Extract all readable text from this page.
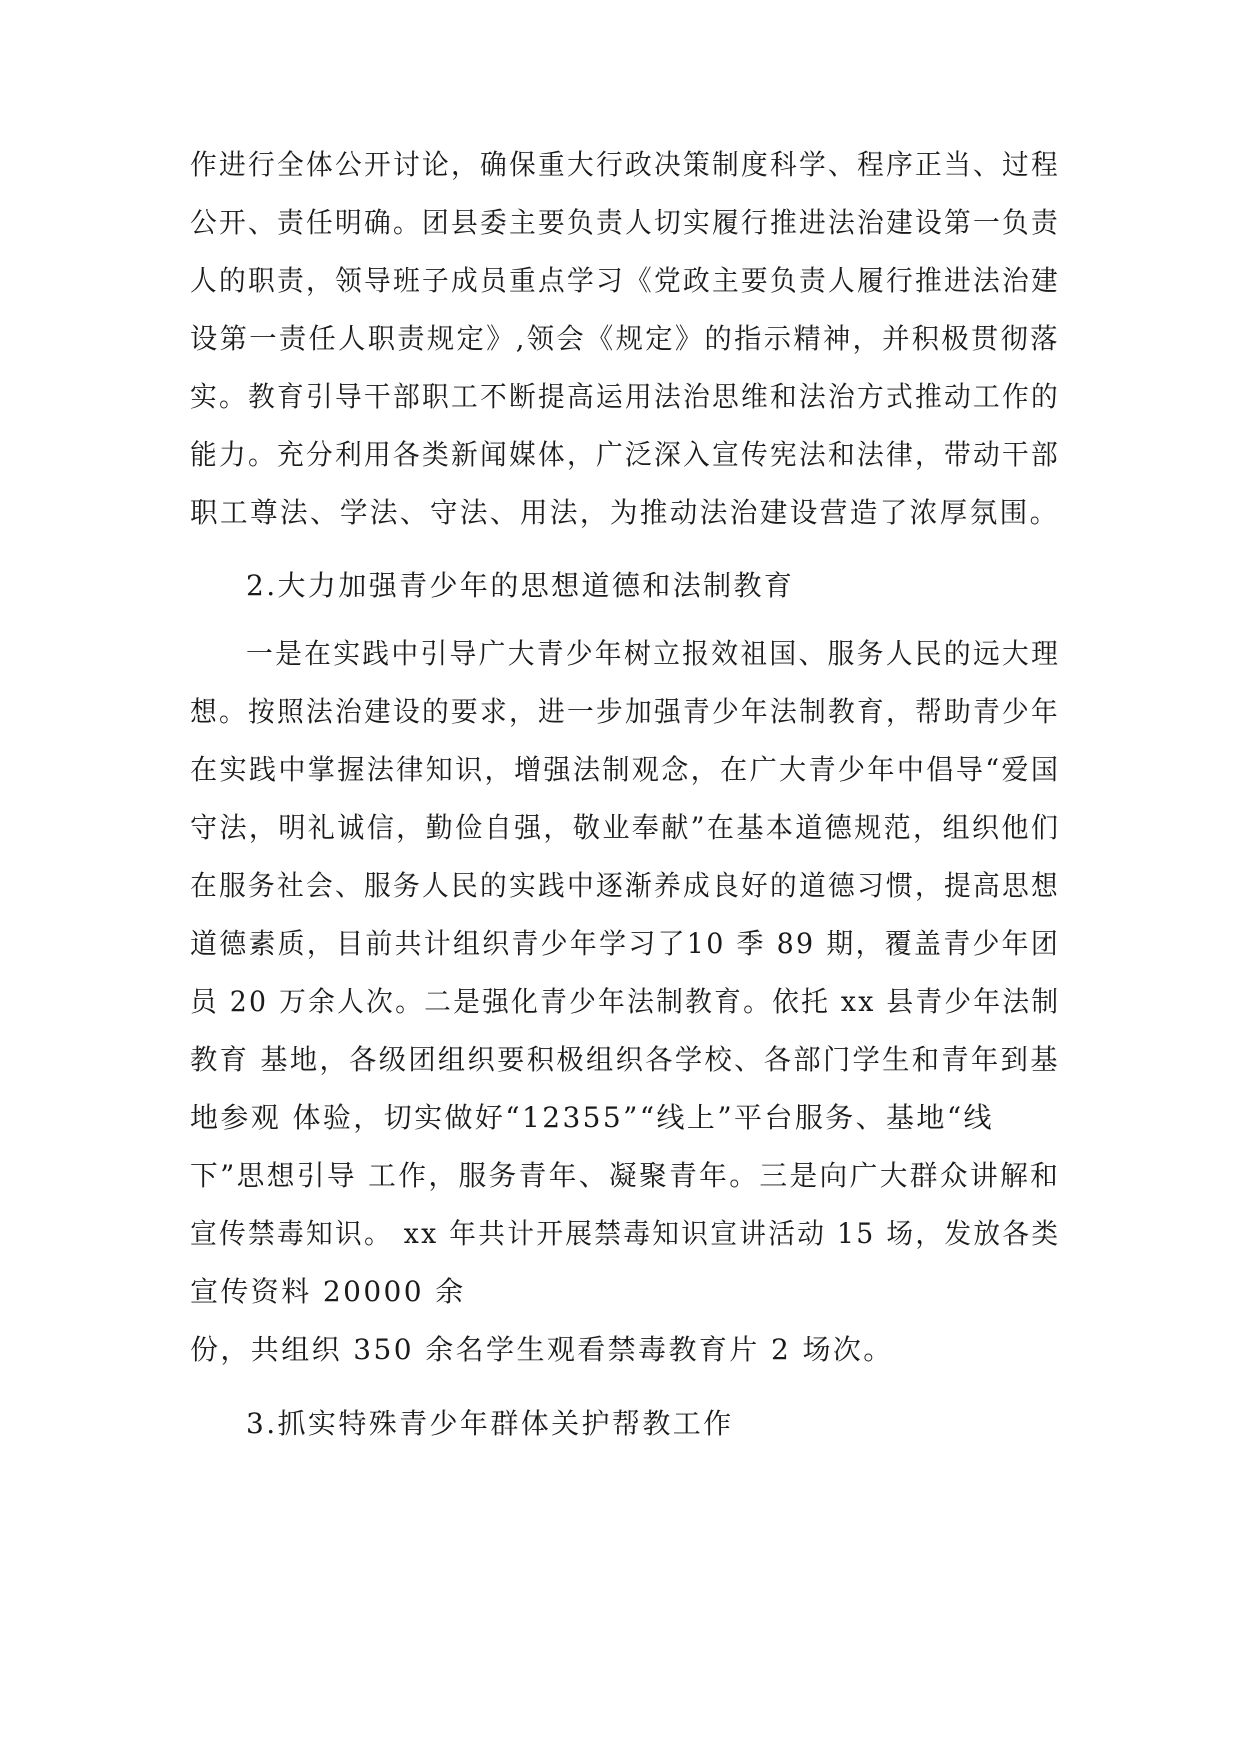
作进行全体公开讨论，确保重大行政决策制度科学、程序正当、过程
公开、责任明确。团县委主要负责人切实履行推进法治建设第一负责
人的职责，领导班子成员重点学习《党政主要负责人履行推进法治建
设第一责任人职责规定》,领会《规定》的指示精神，并积极贯彻落
实。教育引导干部职工不断提高运用法治思维和法治方式推动工作的
能力。充分利用各类新闻媒体，广泛深入宣传宪法和法律，带动干部
职工尊法、学法、守法、用法，为推动法治建设营造了浓厚氛围。
2.大力加强青少年的思想道德和法制教育
一是在实践中引导广大青少年树立报效祖国、服务人民的远大理
想。按照法治建设的要求，进一步加强青少年法制教育，帮助青少年
在实践中掌握法律知识，增强法制观念，在广大青少年中倡导“爱国
守法，明礼诚信，勤俭自强，敬业奉献”在基本道德规范，组织他们
在服务社会、服务人民的实践中逐渐养成良好的道德习惯，提高思想
道德素质，目前共计组织青少年学习了10 季 89 期，覆盖青少年团
员 20 万余人次。二是强化青少年法制教育。依托 xx 县青少年法制
教育 基地，各级团组织要积极组织各学校、各部门学生和青年到基
地参观 体验，切实做好“12355”“线上”平台服务、基地“线
下”思想引导 工作，服务青年、凝聚青年。三是向广大群众讲解和
宣传禁毒知识。 xx 年共计开展禁毒知识宣讲活动 15 场，发放各类
宣传资料 20000 余
份，共组织 350 余名学生观看禁毒教育片 2 场次。
3.抓实特殊青少年群体关护帮教工作
